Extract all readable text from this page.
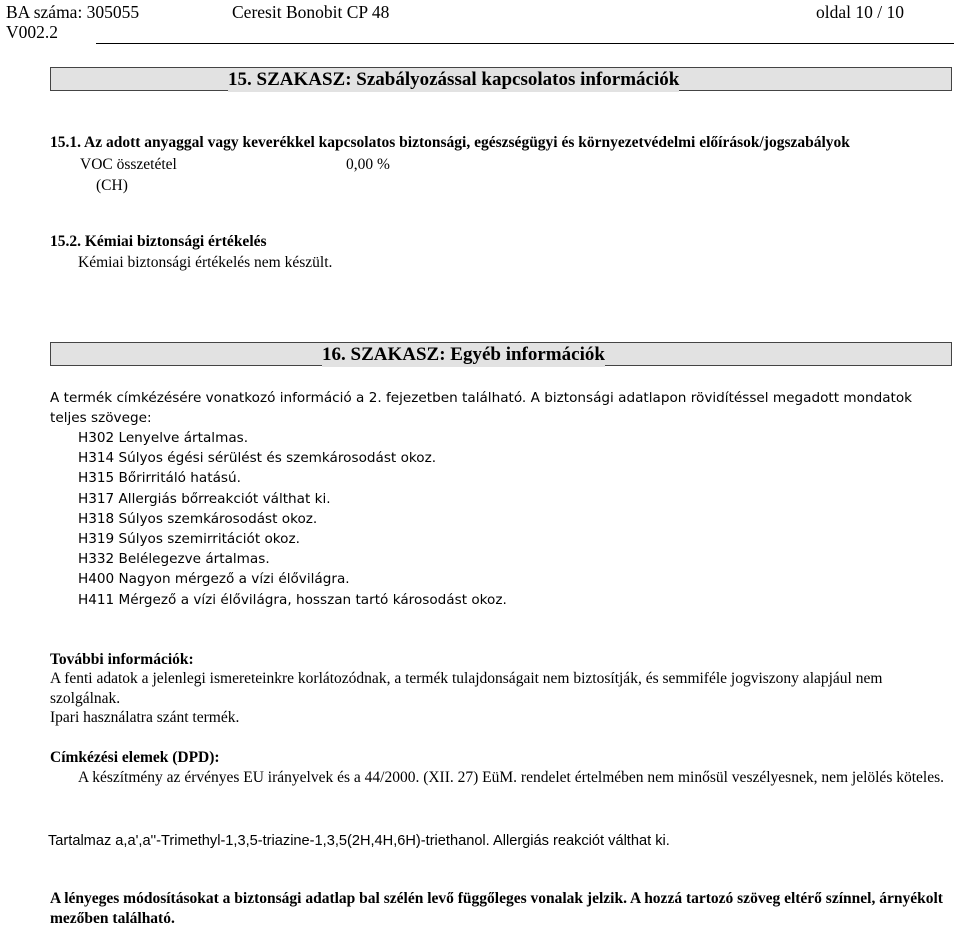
BA száma: 305055	Ceresit Bonobit CP 48	oldal 10 / 10
V002.2
15. SZAKASZ: Szabályozással kapcsolatos információk
15.1. Az adott anyaggal vagy keverékkel kapcsolatos biztonsági, egészségügyi és környezetvédelmi előírások/jogszabályok
VOC összetétel	0,00 %
(CH)
15.2. Kémiai biztonsági értékelés
Kémiai biztonsági értékelés nem készült.
16. SZAKASZ: Egyéb információk
A termék címkézésére vonatkozó információ a 2. fejezetben található. A biztonsági adatlapon rövidítéssel megadott mondatok teljes szövege:
H302 Lenyelve ártalmas.
H314 Súlyos égési sérülést és szemkárosodást okoz.
H315 Bőrirritáló hatású.
H317 Allergiás bőrreakciót válthat ki.
H318 Súlyos szemkárosodást okoz.
H319 Súlyos szemirritációt okoz.
H332 Belélegezve ártalmas.
H400 Nagyon mérgező a vízi élővilágra.
H411 Mérgező a vízi élővilágra, hosszan tartó károsodást okoz.
További információk:
A fenti adatok a jelenlegi ismereteinkre korlátozódnak, a termék tulajdonságait nem biztosítják, és semmiféle jogviszony alapjául nem szolgálnak.
Ipari használatra szánt termék.
Címkézési elemek (DPD):
A készítmény az érvényes EU irányelvek és a 44/2000. (XII. 27) EüM. rendelet értelmében nem minősül veszélyesnek, nem jelölés köteles.
Tartalmaz a,a',a''-Trimethyl-1,3,5-triazine-1,3,5(2H,4H,6H)-triethanol. Allergiás reakciót válthat ki.
A lényeges módosításokat a biztonsági adatlap bal szélén levő függőleges vonalak jelzik. A hozzá tartozó szöveg eltérő színnel, árnyékolt mezőben található.
